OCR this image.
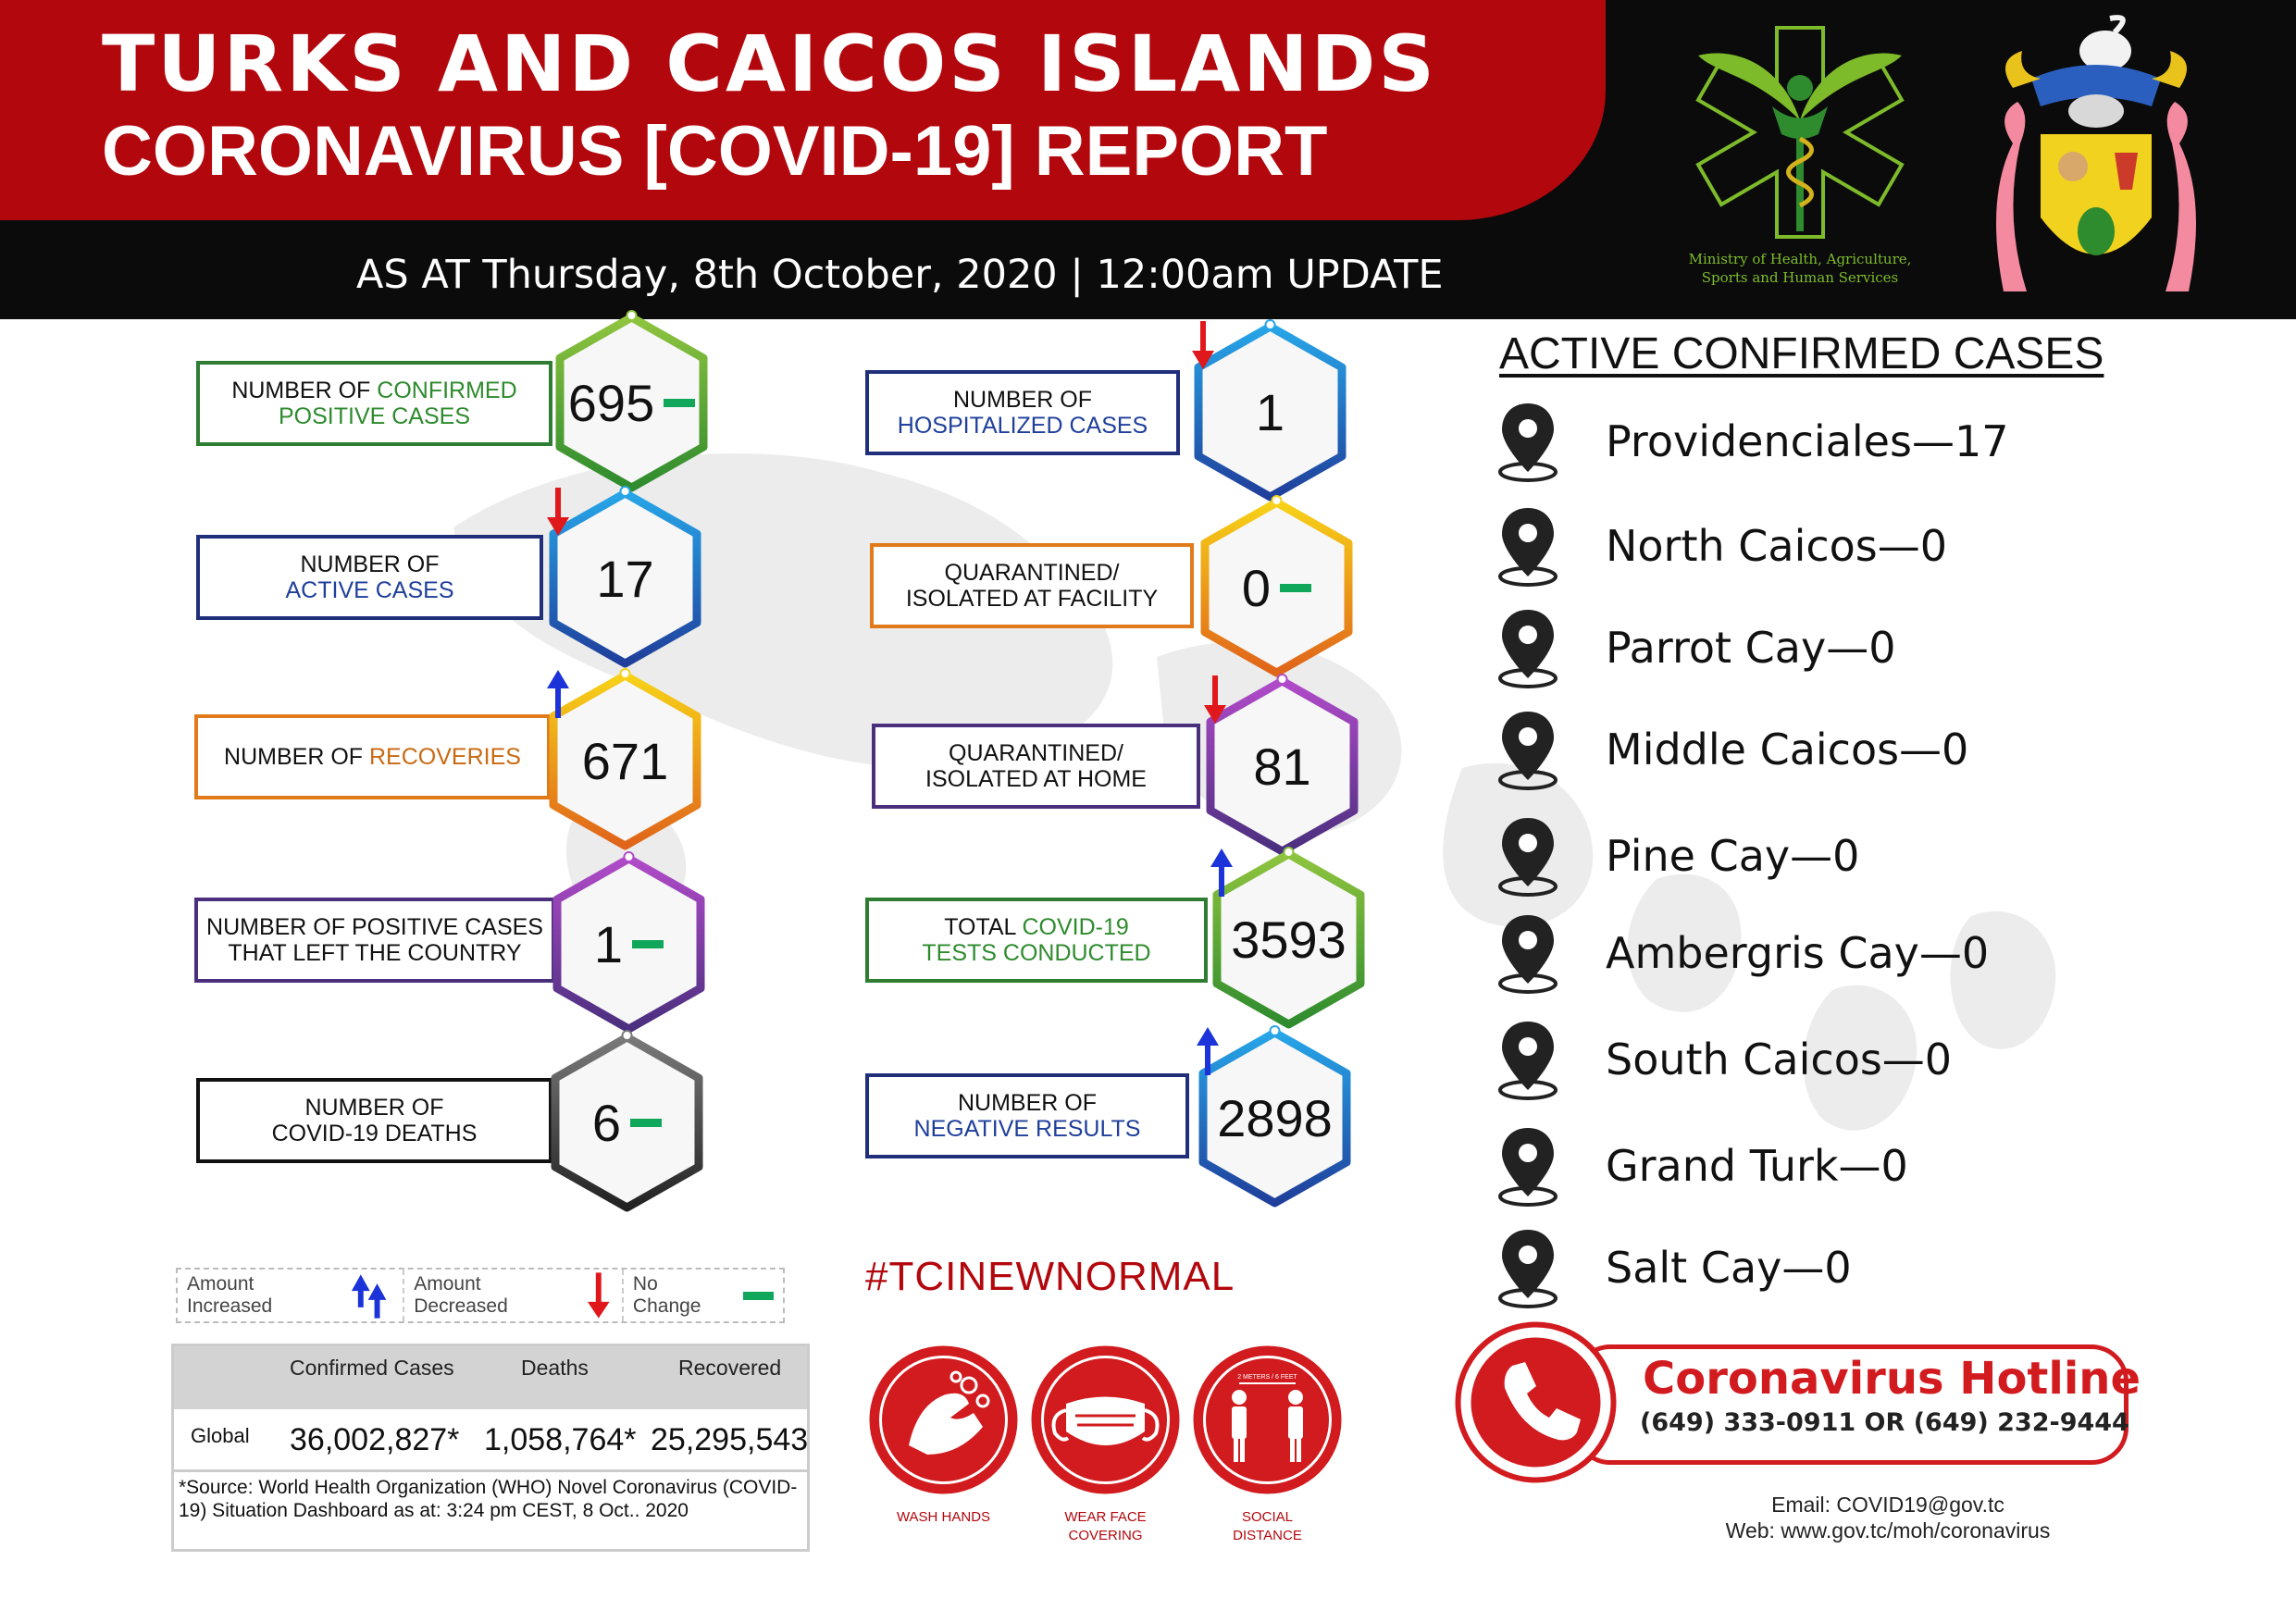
TURKS AND CAICOS ISLANDS
CORONAVIRUS [COVID-19] REPORT
AS AT Thursday, 8th October, 2020 | 12:00am UPDATE	Ministry of Health, Agriculture,
Sports and Human Services
NUMBER OF CONFIRMED
POSITIVE CASES 695
NUMBER OF
ACTIVE CASES	17
NUMBER OF RECOVERIES 671
NUMBER OF POSITIVE CASES
THAT LEFT THE COUNTRY 1
NUMBER OF
COVID-19 DEATHS 6
NUMBER OF
HOSPITALIZED CASES 1
QUARANTINED/
ISOLATED AT FACILITY 0
QUARANTINED/
ISOLATED AT HOME 81
TOTAL COVID-19
TESTS CONDUCTED 3593
NUMBER OF
NEGATIVE RESULTS 2898
ACTIVE CONFIRMED CASES
Providenciales—17
North Caicos—0
Parrot Cay—0
Middle Caicos—0
Pine Cay—0
Ambergris Cay—0
South Caicos—0
Grand Turk—0
Salt Cay—0
Amount Increased
Amount Decreased
No Change
Confirmed Cases	Deaths	Recovered
Global 36,002,827* 1,058,764* 25,295,543
*Source: World Health Organization (WHO) Novel Coronavirus (COVID-19) Situation Dashboard as at: 3:24 pm CEST, 8 Oct.. 2020
#TCINEWNORMAL
WASH HANDS	WEAR FACE
COVERING
2 METERS / 6 FEET
SOCIAL
DISTANCE
Coronavirus Hotline
(649) 333-0911 OR (649) 232-9444
Email: COVID19@gov.tc
Web: www.gov.tc/moh/coronavirus
